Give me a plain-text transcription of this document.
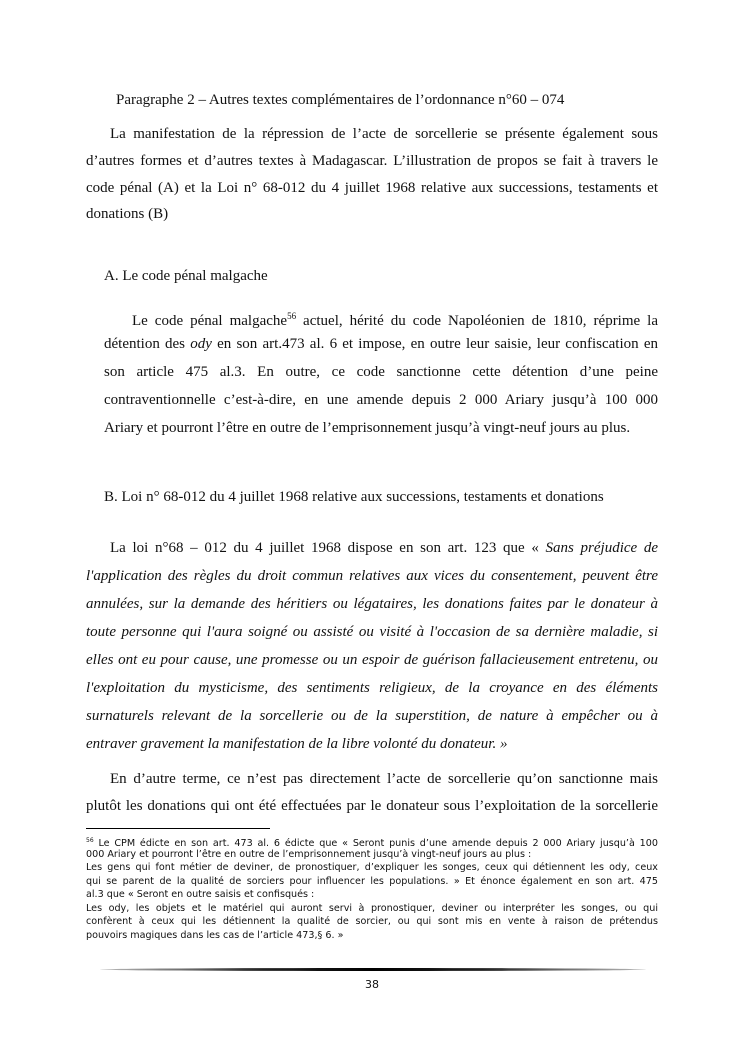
38
Paragraphe 2 – Autres textes complémentaires de l’ordonnance n°60 – 074
La manifestation de la répression de l’acte de sorcellerie se présente également sous
d’autres formes et d’autres textes à Madagascar. L’illustration de propos se fait à travers le
code pénal (A) et la Loi n° 68-012 du 4 juillet 1968 relative aux successions, testaments et
donations (B)
A. Le code pénal malgache
Le code pénal malgache$^{56}$ actuel, hérité du code Napoléonien de 1810, réprime la
détention des ody en son art.473 al. 6 et impose, en outre leur saisie, leur confiscation en
son article 475 al.3. En outre, ce code sanctionne cette détention d’une peine
contraventionnelle c’est-à-dire, en une amende depuis 2 000 Ariary jusqu’à 100 000
Ariary et pourront l’être en outre de l’emprisonnement jusqu’à vingt-neuf jours au plus.
B. Loi n° 68-012 du 4 juillet 1968 relative aux successions, testaments et donations
La loi n°68 – 012 du 4 juillet 1968 dispose en son art. 123 que « Sans préjudice de
l'application des règles du droit commun relatives aux vices du consentement, peuvent être
annulées, sur la demande des héritiers ou légataires, les donations faites par le donateur à
toute personne qui l'aura soigné ou assisté ou visité à l'occasion de sa dernière maladie, si
elles ont eu pour cause, une promesse ou un espoir de guérison fallacieusement entretenu, ou
l'exploitation du mysticisme, des sentiments religieux, de la croyance en des éléments
surnaturels relevant de la sorcellerie ou de la superstition, de nature à empêcher ou à
entraver gravement la manifestation de la libre volonté du donateur. »
En d’autre terme, ce n’est pas directement l’acte de sorcellerie qu’on sanctionne mais
plutôt les donations qui ont été effectuées par le donateur sous l’exploitation de la sorcellerie
$^{56}$ Le CPM édicte en son art. 473 al. 6 édicte que « Seront punis d’une amende depuis 2 000 Ariary jusqu’à 100
000 Ariary et pourront l’être en outre de l’emprisonnement jusqu’à vingt-neuf jours au plus :
Les gens qui font métier de deviner, de pronostiquer, d’expliquer les songes, ceux qui détiennent les ody, ceux
qui se parent de la qualité de sorciers pour influencer les populations. » Et énonce également en son art. 475
al.3 que « Seront en outre saisis et confisqués :
Les ody, les objets et le matériel qui auront servi à pronostiquer, deviner ou interpréter les songes, ou qui
confèrent à ceux qui les détiennent la qualité de sorcier, ou qui sont mis en vente à raison de prétendus
pouvoirs magiques dans les cas de l’article 473,§ 6. »
